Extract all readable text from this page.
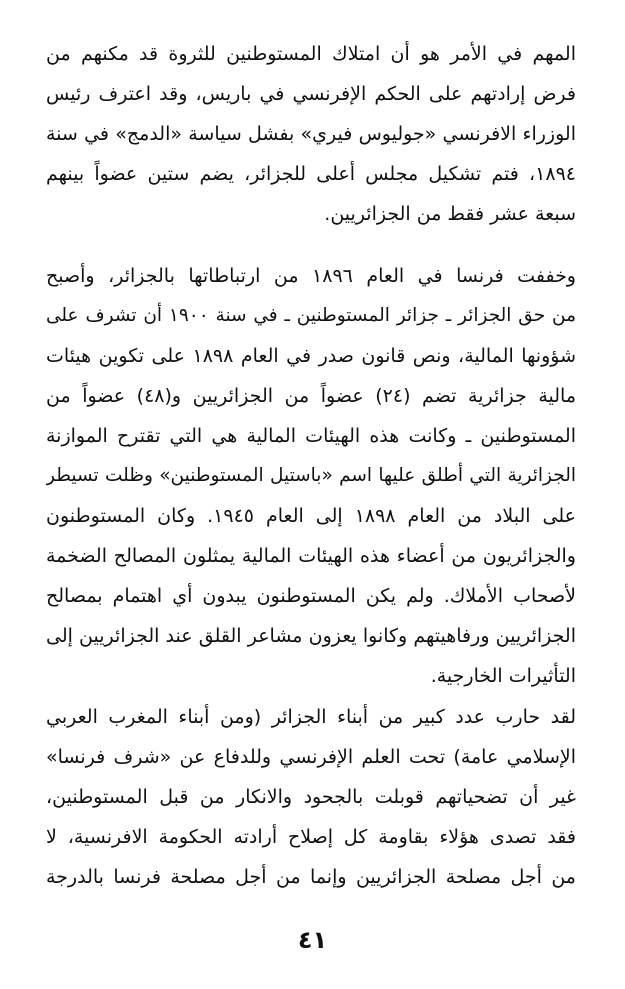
المهم في الأمر هو أن امتلاك المستوطنين للثروة قد مكنهم من
فرض إرادتهم على الحكم الإفرنسي في باريس، وقد اعترف رئيس
الوزراء الافرنسي «جوليوس فيري» بفشل سياسة «الدمج» في سنة
١٨٩٤، فتم تشكيل مجلس أعلى للجزائر، يضم ستين عضواً بينهم
سبعة عشر فقط من الجزائريين.
وخففت فرنسا في العام ١٨٩٦ من ارتباطاتها بالجزائر، وأصبح
من حق الجزائر ـ جزائر المستوطنين ـ في سنة ١٩٠٠ أن تشرف على
شؤونها المالية، ونص قانون صدر في العام ١٨٩٨ على تكوين هيئات
مالية جزائرية تضم (٢٤) عضواً من الجزائريين و(٤٨) عضواً من
المستوطنين ـ وكانت هذه الهيئات المالية هي التي تقترح الموازنة
الجزائرية التي أطلق عليها اسم «باستيل المستوطنين» وظلت تسيطر
على البلاد من العام ١٨٩٨ إلى العام ١٩٤٥. وكان المستوطنون
والجزائريون من أعضاء هذه الهيئات المالية يمثلون المصالح الضخمة
لأصحاب الأملاك. ولم يكن المستوطنون يبدون أي اهتمام بمصالح
الجزائريين ورفاهيتهم وكانوا يعزون مشاعر القلق عند الجزائريين إلى
التأثيرات الخارجية.
لقد حارب عدد كبير من أبناء الجزائر (ومن أبناء المغرب العربي
الإسلامي عامة) تحت العلم الإفرنسي وللدفاع عن «شرف فرنسا»
غير أن تضحياتهم قوبلت بالجحود والانكار من قبل المستوطنين،
فقد تصدى هؤلاء بقاومة كل إصلاح أرادته الحكومة الافرنسية، لا
من أجل مصلحة الجزائريين وإنما من أجل مصلحة فرنسا بالدرجة
٤١
